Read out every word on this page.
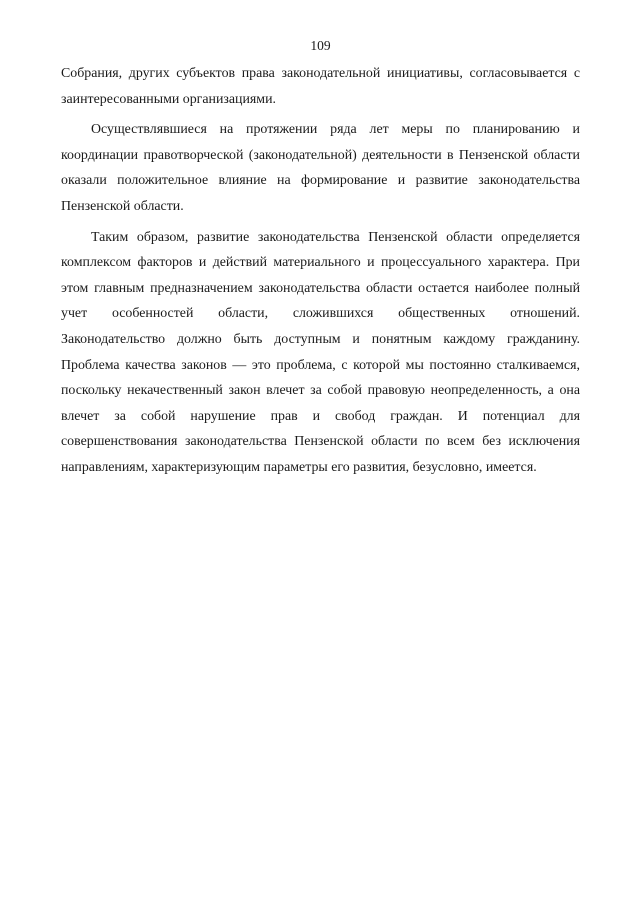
109

Собрания, других субъектов права законодательной инициативы, согласовывается с заинтересованными организациями.

Осуществлявшиеся на протяжении ряда лет меры по планированию и координации правотворческой (законодательной) деятельности в Пензенской области оказали положительное влияние на формирование и развитие законодательства Пензенской области.

Таким образом, развитие законодательства Пензенской области определяется комплексом факторов и действий материального и процессуального характера. При этом главным предназначением законодательства области остается наиболее полный учет особенностей области, сложившихся общественных отношений. Законодательство должно быть доступным и понятным каждому гражданину. Проблема качества законов — это проблема, с которой мы постоянно сталкиваемся, поскольку некачественный закон влечет за собой правовую неопределенность, а она влечет за собой нарушение прав и свобод граждан. И потенциал для совершенствования законодательства Пензенской области по всем без исключения направлениям, характеризующим параметры его развития, безусловно, имеется.
